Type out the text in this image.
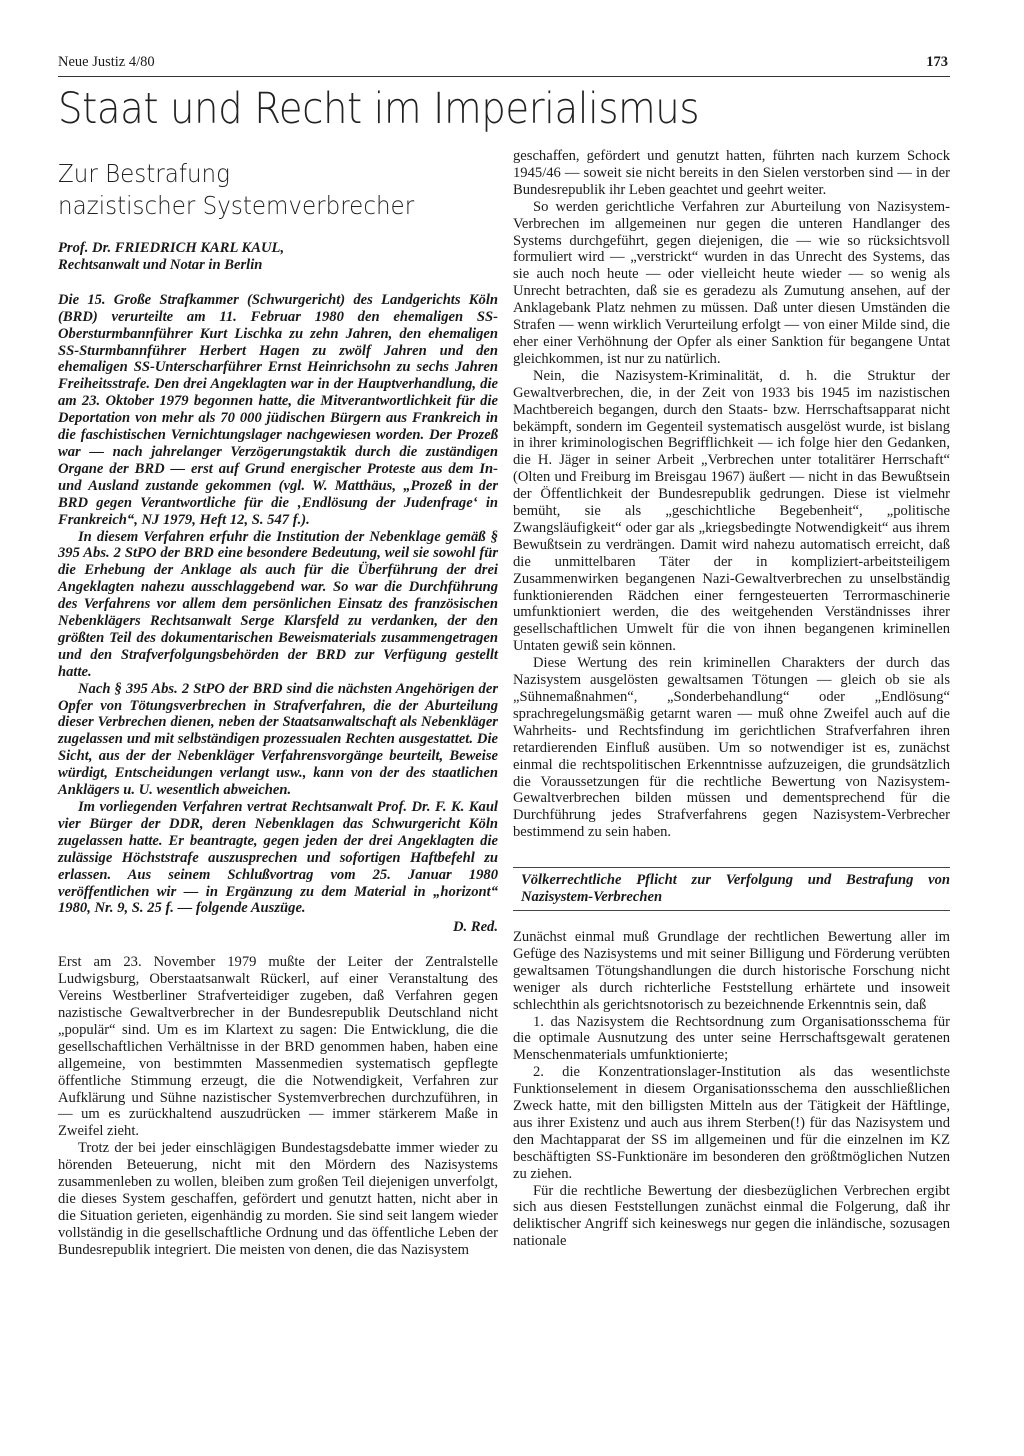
Neue Justiz 4/80	173
Staat und Recht im Imperialismus
Zur Bestrafung
nazistischer Systemverbrecher
Prof. Dr. FRIEDRICH KARL KAUL,
Rechtsanwalt und Notar in Berlin

Die 15. Große Strafkammer (Schwurgericht) des Landgerichts Köln (BRD) verurteilte am 11. Februar 1980 den ehemaligen SS-Obersturmbannführer Kurt Lischka zu zehn Jahren, den ehemaligen SS-Sturmbannführer Herbert Hagen zu zwölf Jahren und den ehemaligen SS-Unterscharführer Ernst Heinrichsohn zu sechs Jahren Freiheitsstrafe. Den drei Angeklagten war in der Hauptverhandlung, die am 23. Oktober 1979 begonnen hatte, die Mitverantwortlichkeit für die Deportation von mehr als 70 000 jüdischen Bürgern aus Frankreich in die faschistischen Vernichtungslager nachgewiesen worden. Der Prozeß war — nach jahrelanger Verzögerungstaktik durch die zuständigen Organe der BRD — erst auf Grund energischer Proteste aus dem In- und Ausland zustande gekommen (vgl. W. Matthäus, „Prozeß in der BRD gegen Verantwortliche für die ‚Endlösung der Judenfrage‘ in Frankreich“, NJ 1979, Heft 12, S. 547 f.).

In diesem Verfahren erfuhr die Institution der Nebenklage gemäß § 395 Abs. 2 StPO der BRD eine besondere Bedeutung, weil sie sowohl für die Erhebung der Anklage als auch für die Überführung der drei Angeklagten nahezu ausschlaggebend war. So war die Durchführung des Verfahrens vor allem dem persönlichen Einsatz des französischen Nebenklägers Rechtsanwalt Serge Klarsfeld zu verdanken, der den größten Teil des dokumentarischen Beweismaterials zusammengetragen und den Strafverfolgungsbehörden der BRD zur Verfügung gestellt hatte.

Nach § 395 Abs. 2 StPO der BRD sind die nächsten Angehörigen der Opfer von Tötungsverbrechen in Strafverfahren, die der Aburteilung dieser Verbrechen dienen, neben der Staatsanwaltschaft als Nebenkläger zugelassen und mit selbständigen prozessualen Rechten ausgestattet. Die Sicht, aus der der Nebenkläger Verfahrensvorgänge beurteilt, Beweise würdigt, Entscheidungen verlangt usw., kann von der des staatlichen Anklägers u. U. wesentlich abweichen.

Im vorliegenden Verfahren vertrat Rechtsanwalt Prof. Dr. F. K. Kaul vier Bürger der DDR, deren Nebenklagen das Schwurgericht Köln zugelassen hatte. Er beantragte, gegen jeden der drei Angeklagten die zulässige Höchststrafe auszusprechen und sofortigen Haftbefehl zu erlassen. Aus seinem Schlußvortrag vom 25. Januar 1980 veröffentlichen wir — in Ergänzung zu dem Material in „horizont“ 1980, Nr. 9, S. 25 f. — folgende Auszüge.

D. Red.

Erst am 23. November 1979 mußte der Leiter der Zentralstelle Ludwigsburg, Oberstaatsanwalt Rückerl, auf einer Veranstaltung des Vereins Westberliner Strafverteidiger zugeben, daß Verfahren gegen nazistische Gewaltverbrecher in der Bundesrepublik Deutschland nicht „populär“ sind. Um es im Klartext zu sagen: Die Entwicklung, die die gesellschaftlichen Verhältnisse in der BRD genommen haben, haben eine allgemeine, von bestimmten Massenmedien systematisch gepflegte öffentliche Stimmung erzeugt, die die Notwendigkeit, Verfahren zur Aufklärung und Sühne nazistischer Systemverbrechen durchzuführen, in — um es zurückhaltend auszudrücken — immer stärkerem Maße in Zweifel zieht.

Trotz der bei jeder einschlägigen Bundestagsdebatte immer wieder zu hörenden Beteuerung, nicht mit den Mördern des Nazisystems zusammenleben zu wollen, bleiben zum großen Teil diejenigen unverfolgt, die dieses System geschaffen, gefördert und genutzt hatten, nicht aber in die Situation gerieten, eigenhändig zu morden. Sie sind seit langem wieder vollständig in die gesellschaftliche Ordnung und das öffentliche Leben der Bundesrepublik integriert. Die meisten von denen, die das Nazisystem

geschaffen, gefördert und genutzt hatten, führten nach kurzem Schock 1945/46 — soweit sie nicht bereits in den Sielen verstorben sind — in der Bundesrepublik ihr Leben geachtet und geehrt weiter.

So werden gerichtliche Verfahren zur Aburteilung von Nazisystem-Verbrechen im allgemeinen nur gegen die unteren Handlanger des Systems durchgeführt, gegen diejenigen, die — wie so rücksichtsvoll formuliert wird — „verstrickt“ wurden in das Unrecht des Systems, das sie auch noch heute — oder vielleicht heute wieder — so wenig als Unrecht betrachten, daß sie es geradezu als Zumutung ansehen, auf der Anklagebank Platz nehmen zu müssen. Daß unter diesen Umständen die Strafen — wenn wirklich Verurteilung erfolgt — von einer Milde sind, die eher einer Verhöhnung der Opfer als einer Sanktion für begangene Untat gleichkommen, ist nur zu natürlich.

Nein, die Nazisystem-Kriminalität, d. h. die Struktur der Gewaltverbrechen, die, in der Zeit von 1933 bis 1945 im nazistischen Machtbereich begangen, durch den Staats- bzw. Herrschaftsapparat nicht bekämpft, sondern im Gegenteil systematisch ausgelöst wurde, ist bislang in ihrer kriminologischen Begrifflichkeit — ich folge hier den Gedanken, die H. Jäger in seiner Arbeit „Verbrechen unter totalitärer Herrschaft“ (Olten und Freiburg im Breisgau 1967) äußert — nicht in das Bewußtsein der Öffentlichkeit der Bundesrepublik gedrungen. Diese ist vielmehr bemüht, sie als „geschichtliche Begebenheit“, „politische Zwangsläufigkeit“ oder gar als „kriegsbedingte Notwendigkeit“ aus ihrem Bewußtsein zu verdrängen. Damit wird nahezu automatisch erreicht, daß die unmittelbaren Täter der in kompliziert-arbeitsteiligem Zusammenwirken begangenen Nazi-Gewaltverbrechen zu unselbständig funktionierenden Rädchen einer ferngesteuerten Terrormaschinerie umfunktioniert werden, die des weitgehenden Verständnisses ihrer gesellschaftlichen Umwelt für die von ihnen begangenen kriminellen Untaten gewiß sein können.

Diese Wertung des rein kriminellen Charakters der durch das Nazisystem ausgelösten gewaltsamen Tötungen — gleich ob sie als „Sühnemaßnahmen“, „Sonderbehandlung“ oder „Endlösung“ sprachregelungsmäßig getarnt waren — muß ohne Zweifel auch auf die Wahrheits- und Rechtsfindung im gerichtlichen Strafverfahren ihren retardierenden Einfluß ausüben. Um so notwendiger ist es, zunächst einmal die rechtspolitischen Erkenntnisse aufzuzeigen, die grundsätzlich die Voraussetzungen für die rechtliche Bewertung von Nazisystem-Gewaltverbrechen bilden müssen und dementsprechend für die Durchführung jedes Strafverfahrens gegen Nazisystem-Verbrecher bestimmend zu sein haben.

Völkerrechtliche Pflicht zur Verfolgung und Bestrafung von Nazisystem-Verbrechen

Zunächst einmal muß Grundlage der rechtlichen Bewertung aller im Gefüge des Nazisystems und mit seiner Billigung und Förderung verübten gewaltsamen Tötungshandlungen die durch historische Forschung nicht weniger als durch richterliche Feststellung erhärtete und insoweit schlechthin als gerichtsnotorisch zu bezeichnende Erkenntnis sein, daß

1. das Nazisystem die Rechtsordnung zum Organisationsschema für die optimale Ausnutzung des unter seine Herrschaftsgewalt geratenen Menschenmaterials umfunktionierte;

2. die Konzentrationslager-Institution als das wesentlichste Funktionselement in diesem Organisationsschema den ausschließlichen Zweck hatte, mit den billigsten Mitteln aus der Tätigkeit der Häftlinge, aus ihrer Existenz und auch aus ihrem Sterben(!) für das Nazisystem und den Machtapparat der SS im allgemeinen und für die einzelnen im KZ beschäftigten SS-Funktionäre im besonderen den größtmöglichen Nutzen zu ziehen.

Für die rechtliche Bewertung der diesbezüglichen Verbrechen ergibt sich aus diesen Feststellungen zunächst einmal die Folgerung, daß ihr deliktischer Angriff sich keineswegs nur gegen die inländische, sozusagen nationale
